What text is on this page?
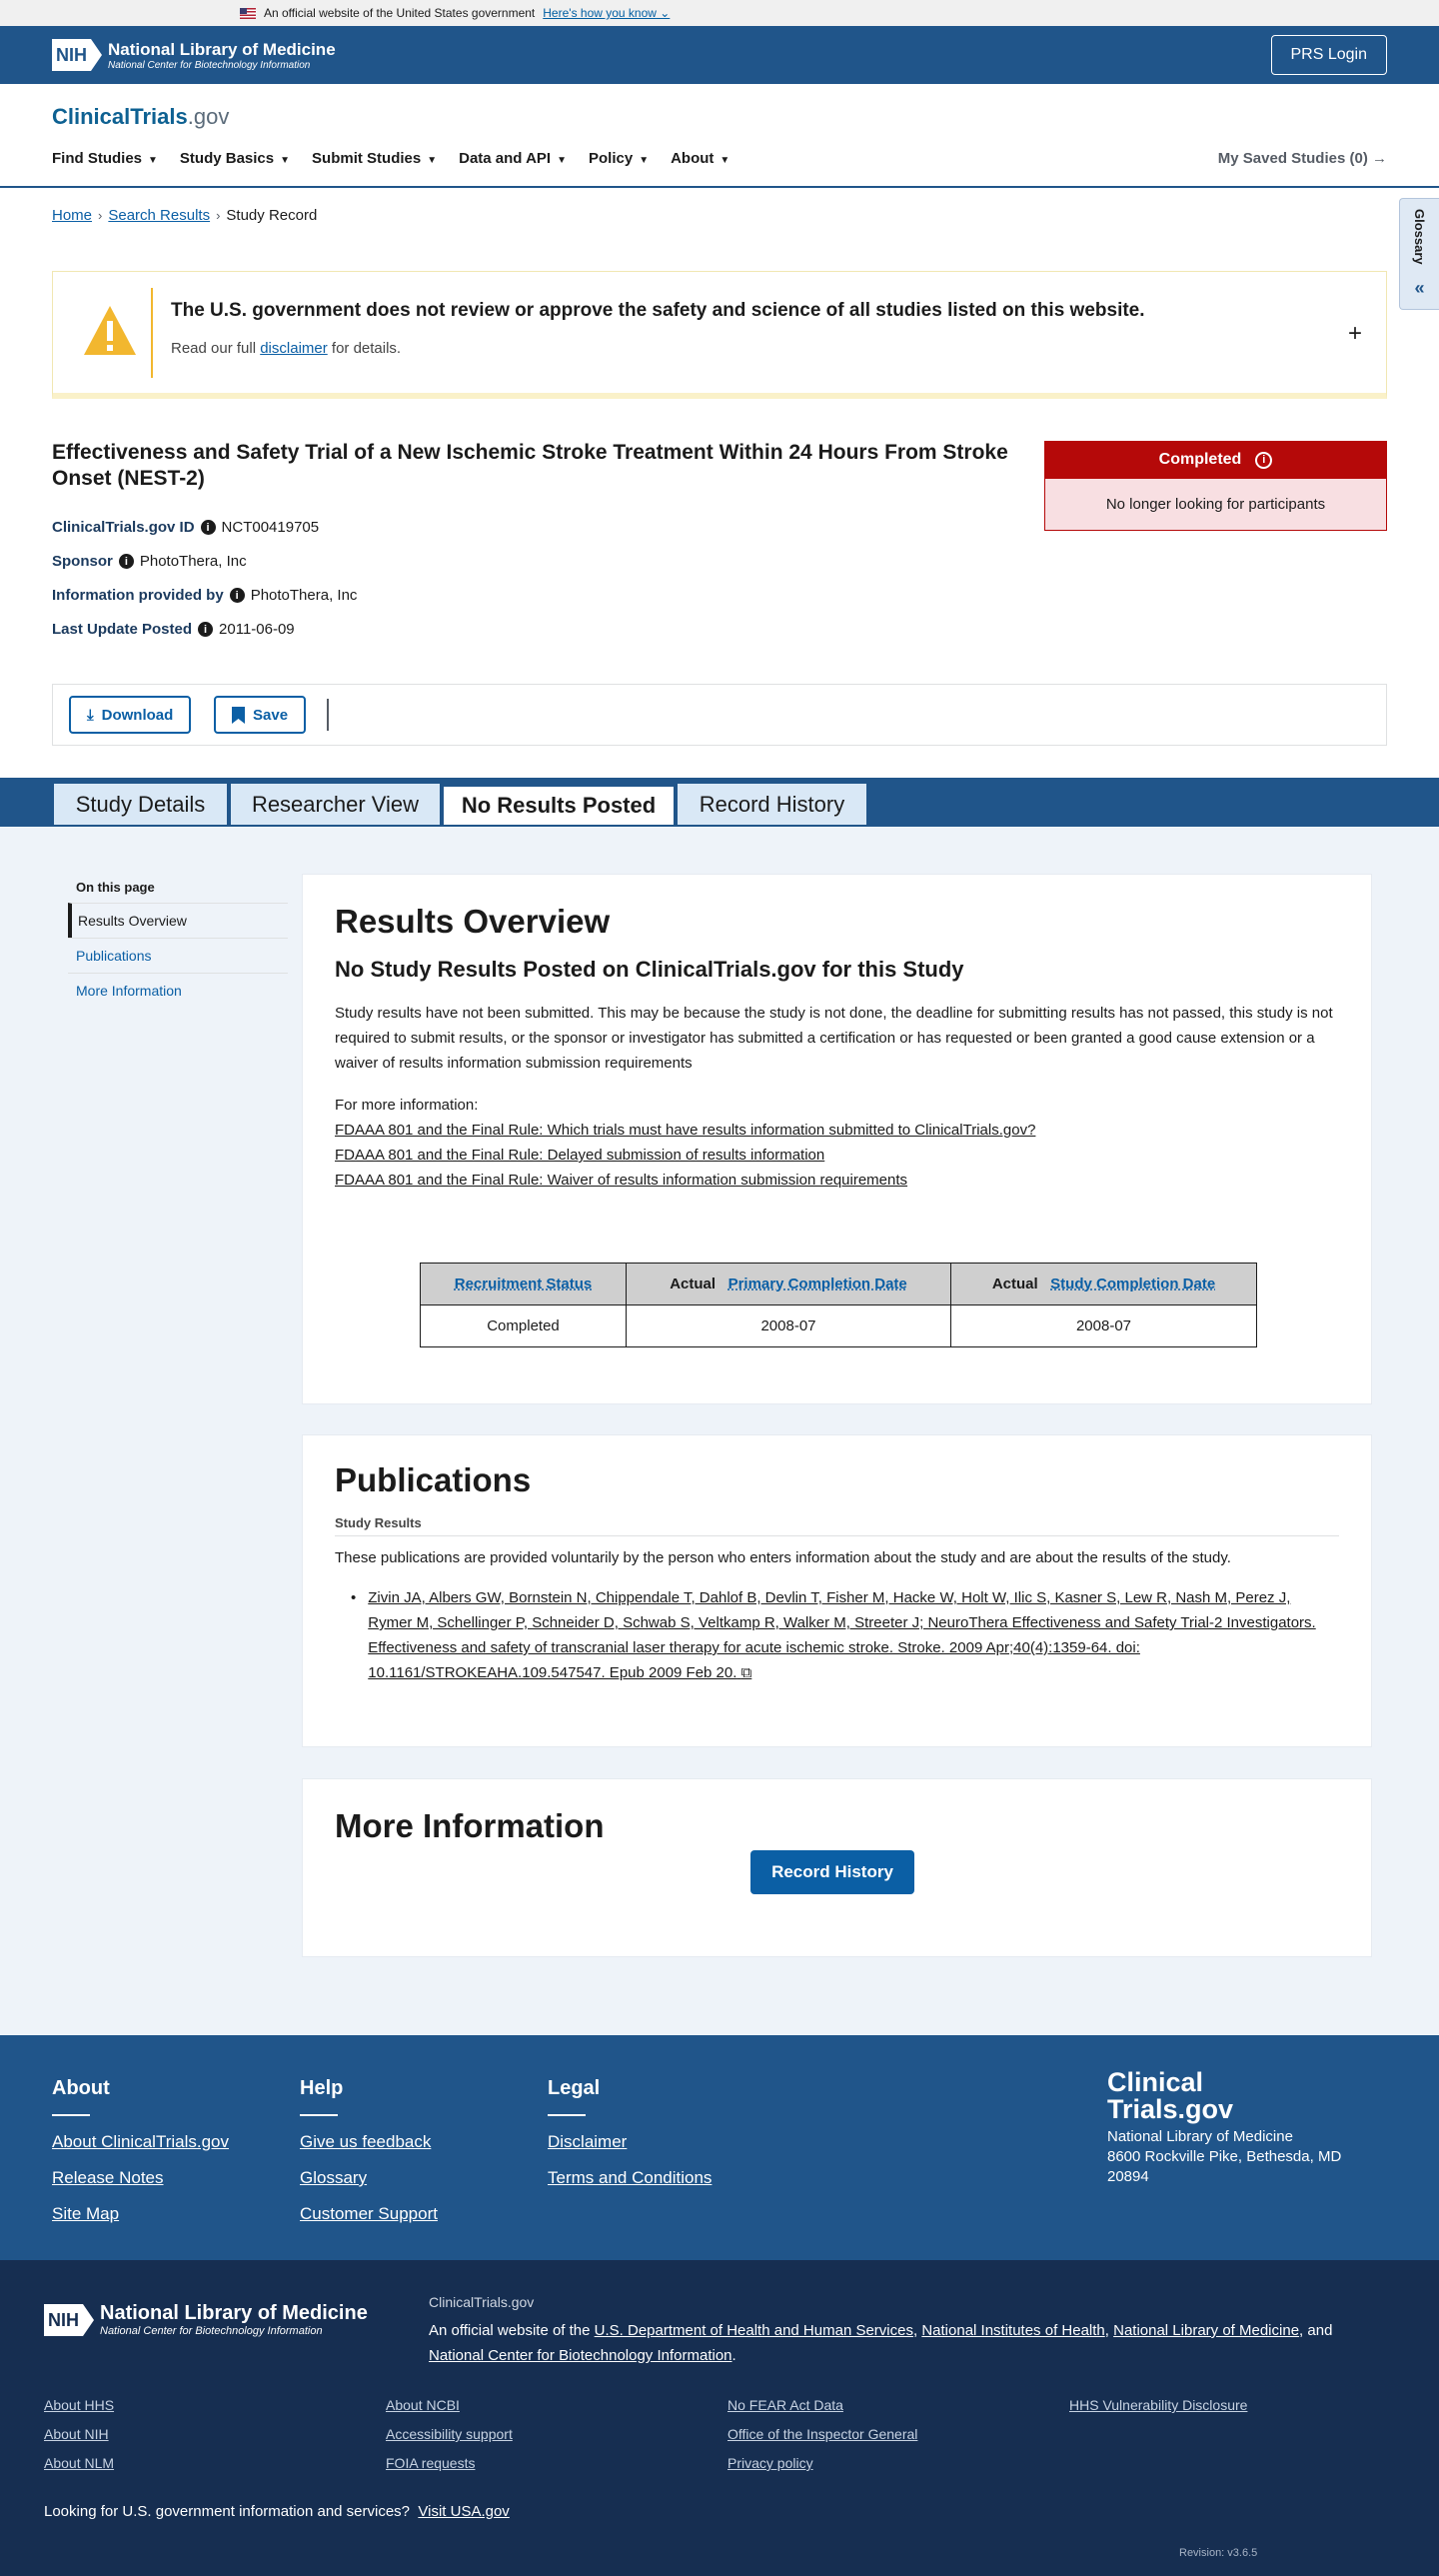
An official website of the United States government Here's how you know ⌄
NIH National Library of Medicine
National Center for Biotechnology Information
PRS Login
ClinicalTrials.gov
Find Studies ▼ Study Basics ▼ Submit Studies ▼ Data and API ▼ Policy ▼ About ▼	My Saved Studies (0) →
Glossary
«
Home › Search Results › Study Record
The U.S. government does not review or approve the safety and science of all studies listed on this website.
Read our full disclaimer for details.
+
Effectiveness and Safety Trial of a New Ischemic Stroke Treatment Within 24 Hours From Stroke Onset (NEST-2)
ClinicalTrials.gov ID	i NCT00419705
Sponsor	i PhotoThera, Inc
Information provided by	i PhotoThera, Inc
Last Update Posted	i 2011-06-09
Completed	i
No longer looking for participants
⤓ Download	Save
Study Details	Researcher View	No Results Posted	Record History
On this page
Results Overview
Publications
More Information
Results Overview
No Study Results Posted on ClinicalTrials.gov for this Study

Study results have not been submitted. This may be because the study is not done, the deadline for submitting results has not passed, this study is not required to submit results, or the sponsor or investigator has submitted a certification or has requested or been granted a good cause extension or a waiver of results information submission requirements

For more information:

FDAAA 801 and the Final Rule: Which trials must have results information submitted to ClinicalTrials.gov?
FDAAA 801 and the Final Rule: Delayed submission of results information
FDAAA 801 and the Final Rule: Waiver of results information submission requirements
Recruitment Status	Actual Primary Completion Date	Actual Study Completion Date
Completed	2008-07	2008-07
Publications
Study Results

These publications are provided voluntarily by the person who enters information about the study and are about the results of the study.

• Zivin JA, Albers GW, Bornstein N, Chippendale T, Dahlof B, Devlin T, Fisher M, Hacke W, Holt W, Ilic S, Kasner S, Lew R, Nash M, Perez J, Rymer M, Schellinger P, Schneider D, Schwab S, Veltkamp R, Walker M, Streeter J; NeuroThera Effectiveness and Safety Trial-2 Investigators. Effectiveness and safety of transcranial laser therapy for acute ischemic stroke. Stroke. 2009 Apr;40(4):1359-64. doi: 10.1161/STROKEAHA.109.547547. Epub 2009 Feb 20. ⧉
More Information
Record History
About
About ClinicalTrials.gov
Release Notes
Site Map
Help
Give us feedback
Glossary
Customer Support
Legal
Disclaimer
Terms and Conditions
Clinical
Trials.gov
National Library of Medicine
8600 Rockville Pike, Bethesda, MD 20894
NIH National Library of Medicine
National Center for Biotechnology Information
ClinicalTrials.gov
An official website of the U.S. Department of Health and Human Services, National Institutes of Health, National Library of Medicine, and National Center for Biotechnology Information.
About HHS
About NIH
About NLM
About NCBI
Accessibility support
FOIA requests
No FEAR Act Data
Office of the Inspector General
Privacy policy
HHS Vulnerability Disclosure
Looking for U.S. government information and services? Visit USA.gov
Revision: v3.6.5
